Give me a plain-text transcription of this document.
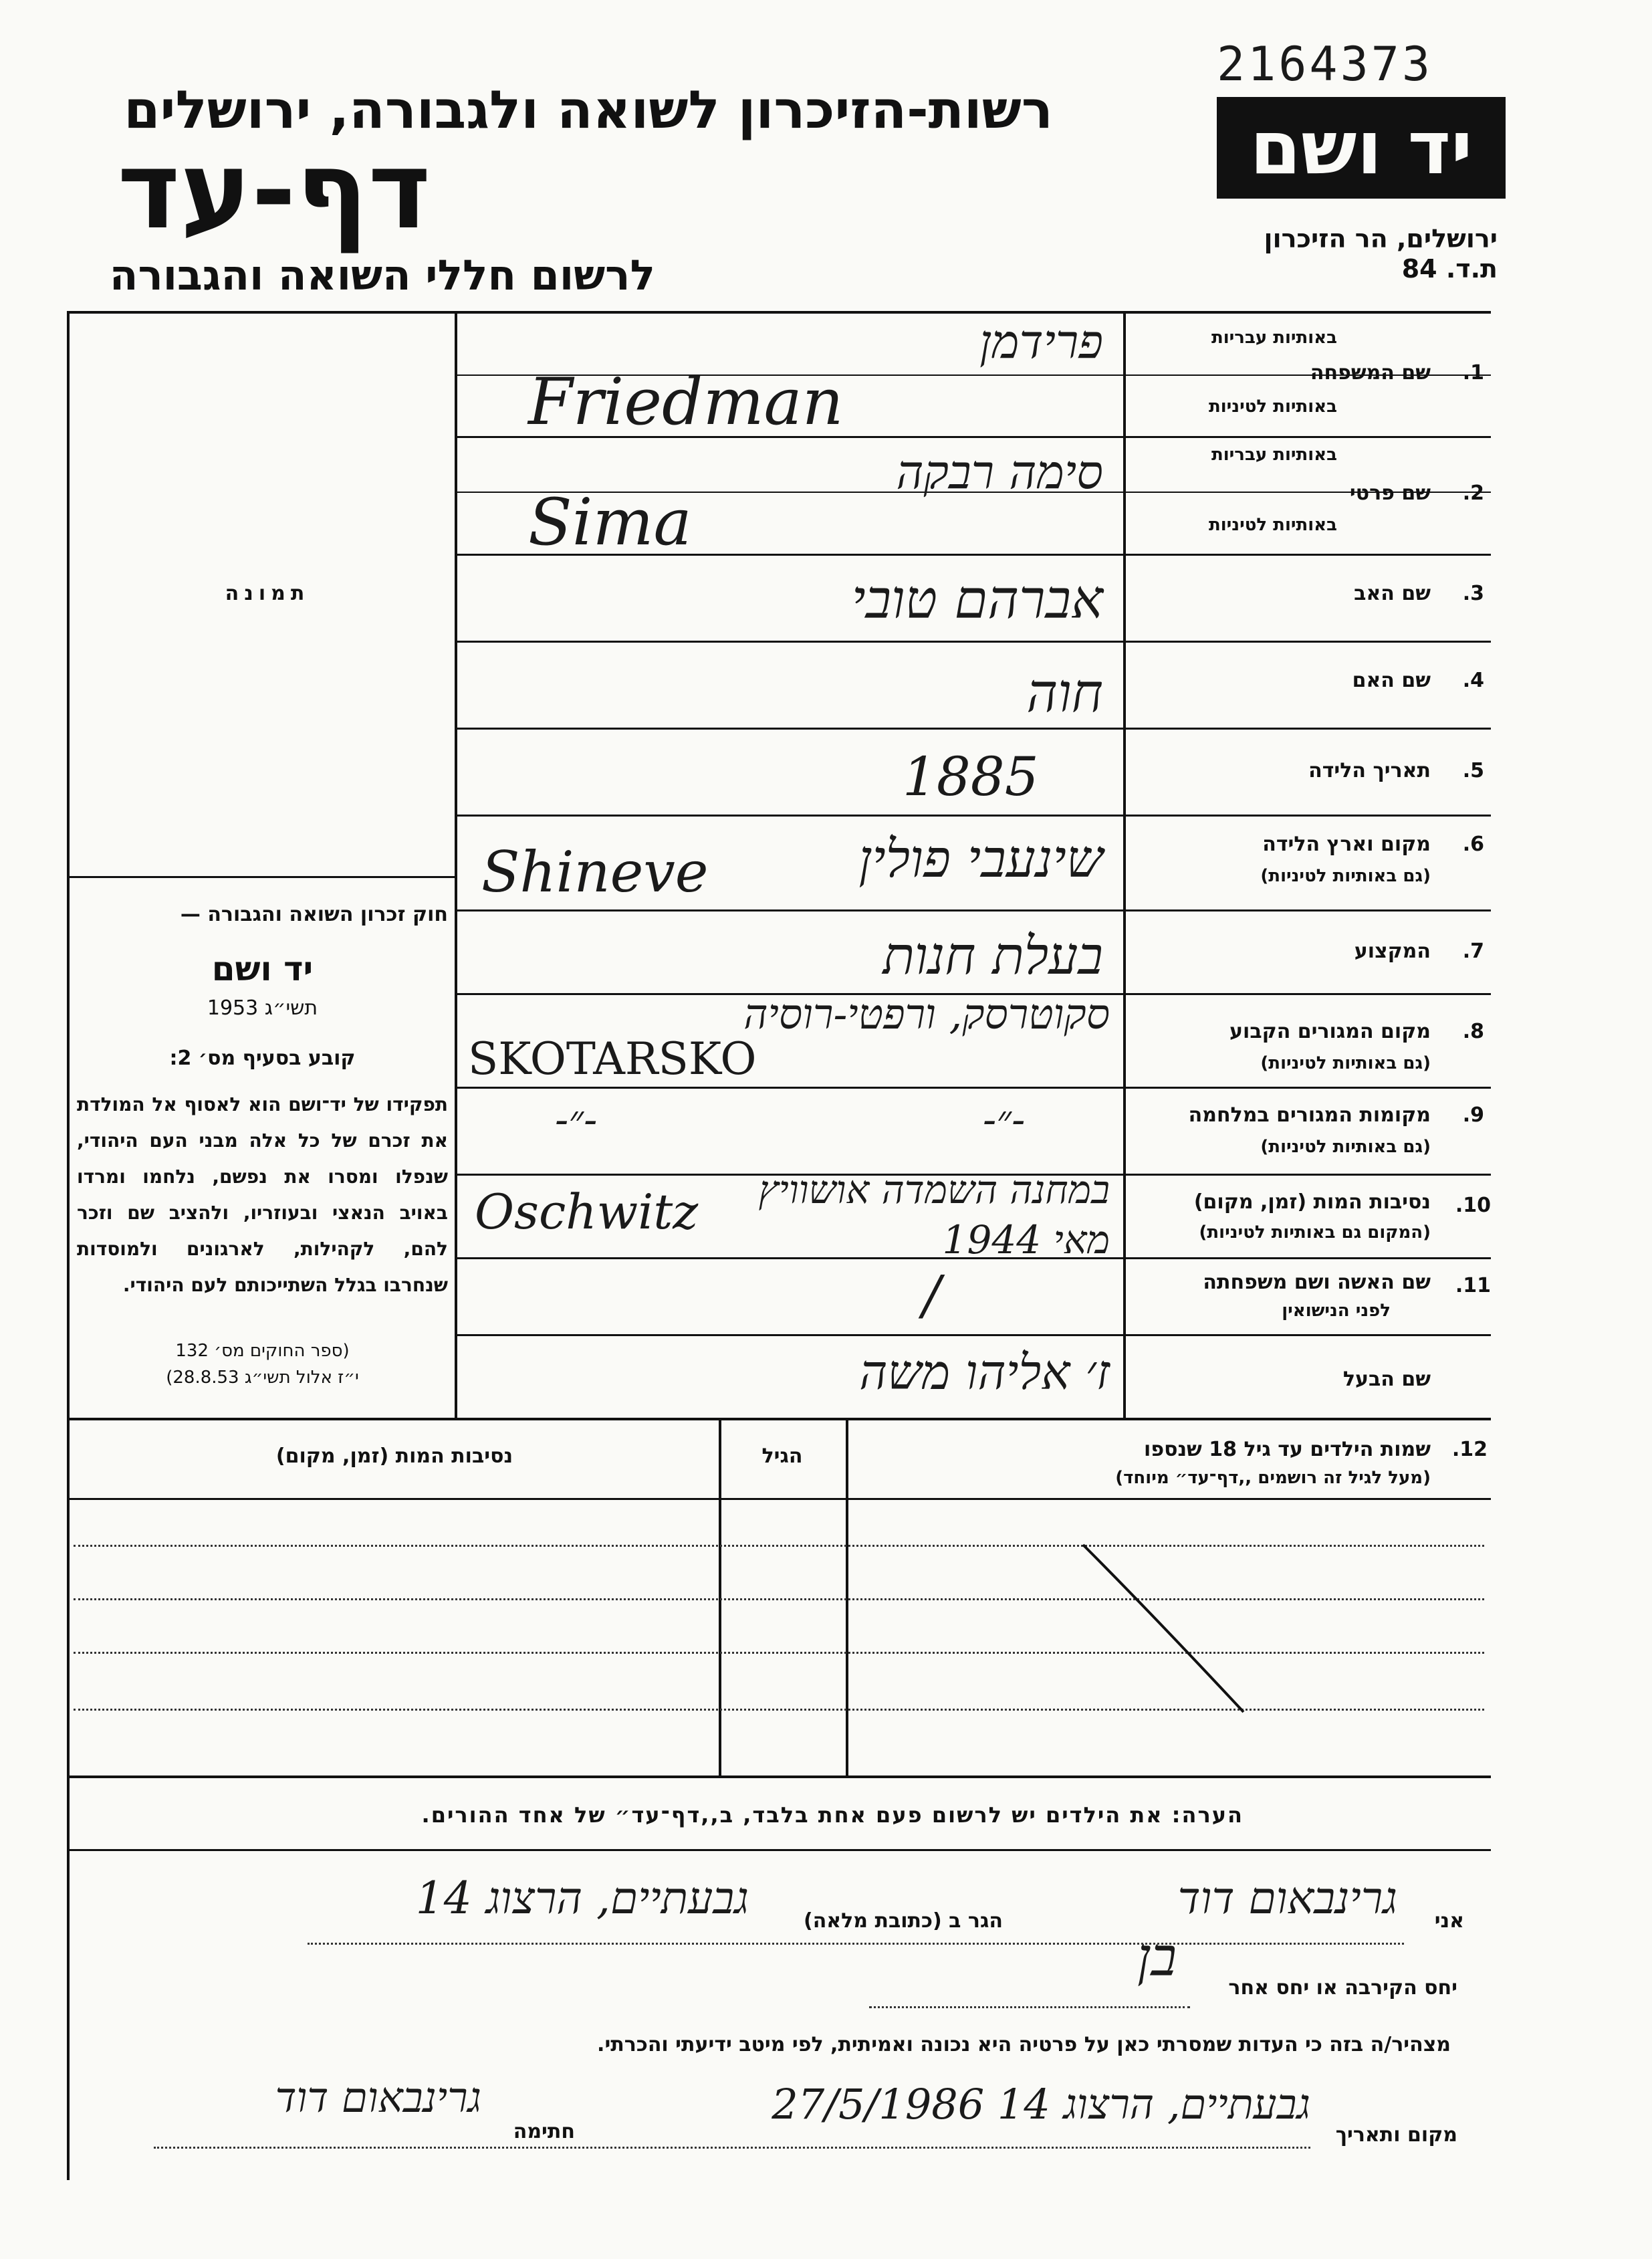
2164373
רשות-הזיכרון לשואה ולגבורה, ירושלים
דף-עד
לרשום חללי השואה והגבורה
יד ושם
ירושלים, הר הזיכרון
ת.ד. 84
תמונה
חוק זכרון השואה והגבורה —
יד ושם
תשי״ג 1953
קובע בסעיף מס׳ 2:
תפקידו של יד־ושם הוא לאסוף אל המולדת את זכרם של כל אלה מבני העם היהודי, שנפלו ומסרו את נפשם, נלחמו ומרדו באויב הנאצי ובעוזריו, ולהציב שם וזכר להם, לקהילות, לארגונים ולמוסדות שנחרבו בגלל השתייכותם לעם היהודי.
(ספר החוקים מס׳ 132
י״ז אלול תשי״ג 28.8.53)
1.
שם המשפחה
באותיות עבריות
באותיות לטיניות
פרידמן
Friedman
2.
שם פרטי
באותיות עבריות
באותיות לטיניות
סימה רבקה
Sima
3.
שם האב
אברהם טובי
4.
שם האם
חוה
5.
תאריך הלידה
1885
6.
מקום וארץ הלידה
(גם באותיות לטיניות)
שינעבי פולין
Shineve
7.
המקצוע
בעלת חנות
8.
מקום המגורים הקבוע
(גם באותיות לטיניות)
סקוטרסק, ורפטי-רוסיה
SKOTARSKO
9.
מקומות המגורים במלחמה
(גם באותיות לטיניות)
-״-	-״-
10.
נסיבות המות (זמן, מקום)
(המקום גם באותיות לטיניות)
במחנה השמדה אושוויץ
Oschwitz	מאי 1944
11.
שם האשה ושם משפחתה
לפני הנישואין
/
שם הבעל
ז׳ אליהו משה
12.
שמות הילדים עד גיל 18 שנספו
(מעל לגיל זה רושמים ,,דף־עד״ מיוחד)
הגיל
נסיבות המות (זמן, מקום)
הערה: את הילדים יש לרשום פעם אחת בלבד, ב,,דף־עד״ של אחד ההורים.
אני
גרינבאום דוד
הגר ב (כתובת מלאה)
גבעתיים, הרצוג 14
יחס הקירבה או יחס אחר
בן
מצהיר/ה בזה כי העדות שמסרתי כאן על פרטיה היא נכונה ואמיתית, לפי מיטב ידיעתי והכרתי.
מקום ותאריך
גבעתיים, הרצוג 14 27/5/1986
חתימה
גרינבאום דוד
